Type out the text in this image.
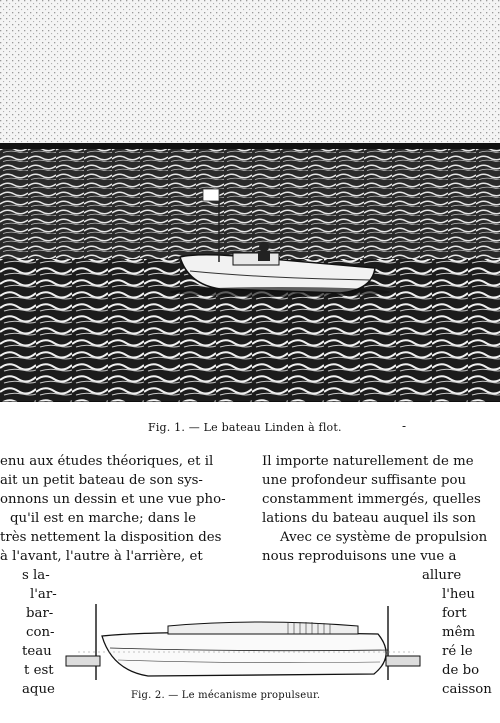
Fig. 1. — Le bateau Linden à flot.	-
enu aux études théoriques, et il
ait un petit bateau de son sys-
onnons un dessin et une vue pho-
qu'il est en marche; dans le
très nettement la disposition des
à l'avant, l'autre à l'arrière, et
s la-
l'ar-
bar-
con-
teau
t est
aque
Il importe naturellement de me
une profondeur suffisante pou
constamment immergés, quelles
lations du bateau auquel ils son
Avec ce système de propulsion
nous reproduisons une vue a
allure
l'heu
fort
mêm
ré le
de bo
caisson
Fig. 2. — Le mécanisme propulseur.
